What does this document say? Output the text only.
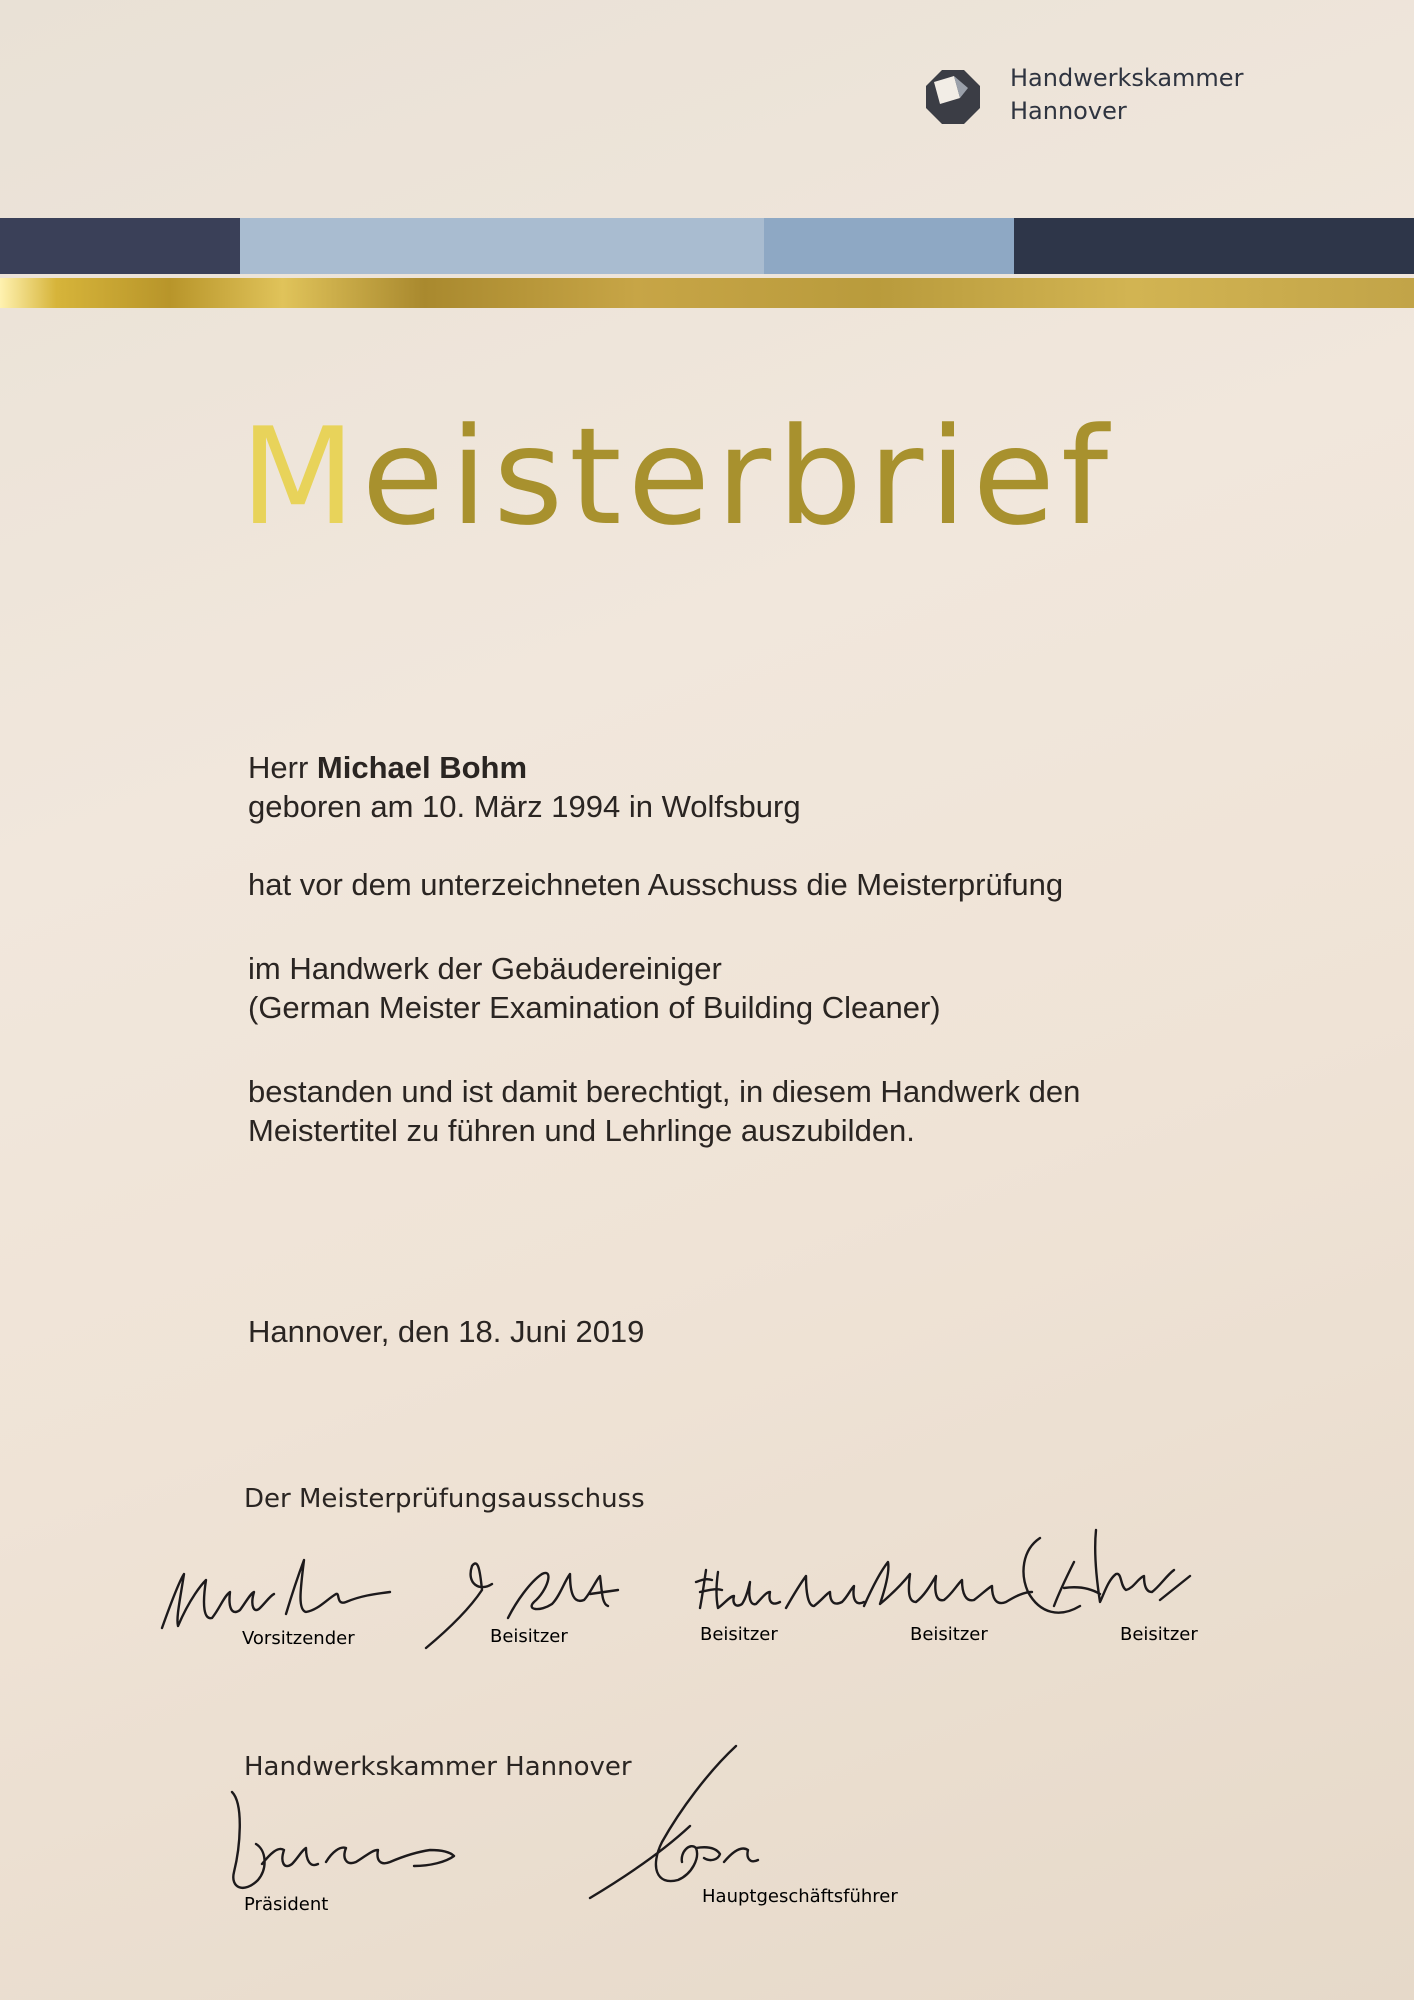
Handwerkskammer
Hannover
Meisterbrief
Herr Michael Bohm
geboren am 10. März 1994 in Wolfsburg
hat vor dem unterzeichneten Ausschuss die Meisterprüfung
im Handwerk der Gebäudereiniger
(German Meister Examination of Building Cleaner)
bestanden und ist damit berechtigt, in diesem Handwerk den
Meistertitel zu führen und Lehrlinge auszubilden.
Hannover, den 18. Juni 2019
Der Meisterprüfungsausschuss
Vorsitzender	Beisitzer	Beisitzer	Beisitzer	Beisitzer
Handwerkskammer Hannover
Präsident	Hauptgeschäftsführer
